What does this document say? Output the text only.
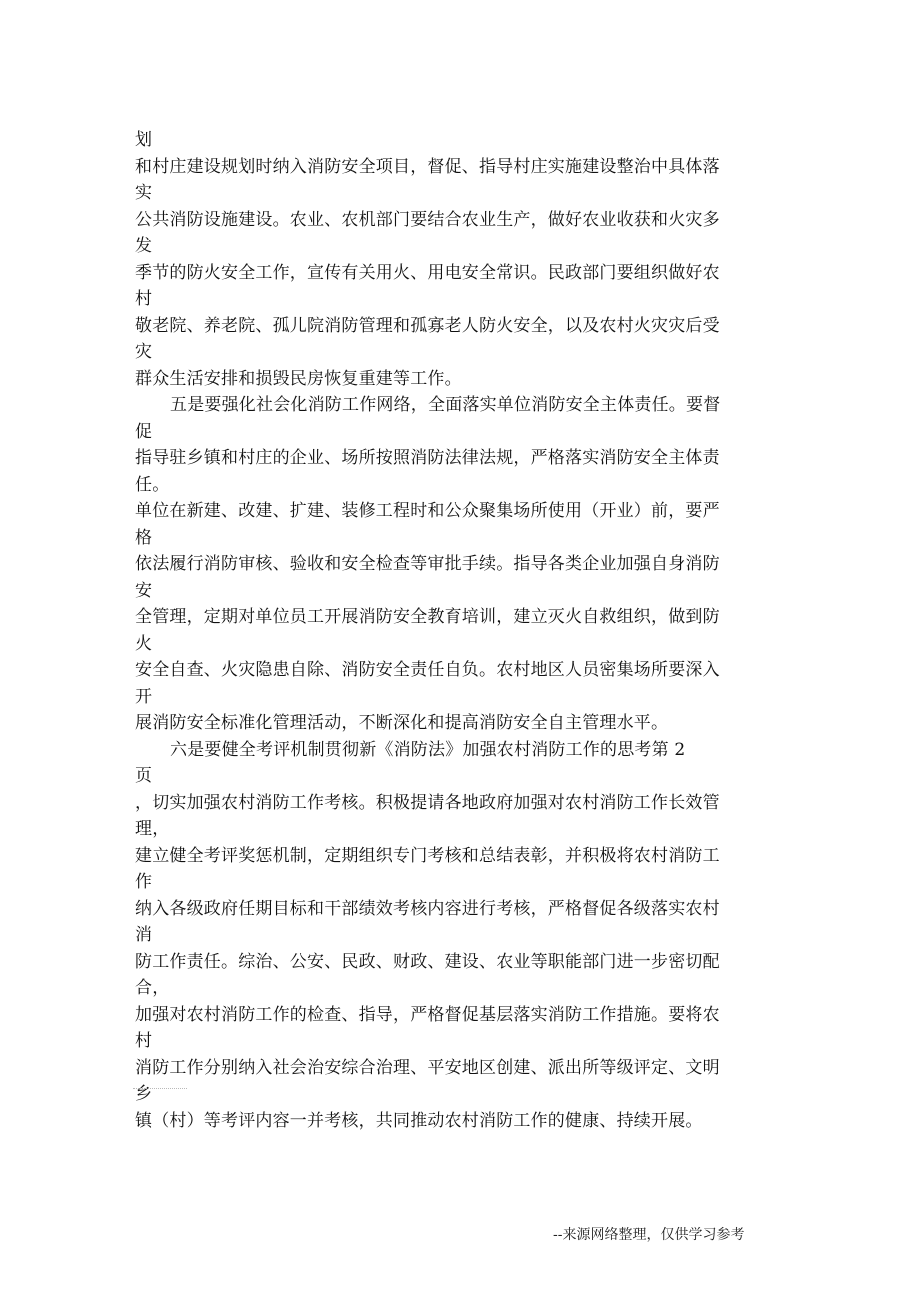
划
和村庄建设规划时纳入消防安全项目，督促、指导村庄实施建设整治中具体落
实
公共消防设施建设。农业、农机部门要结合农业生产，做好农业收获和火灾多
发
季节的防火安全工作，宣传有关用火、用电安全常识。民政部门要组织做好农
村
敬老院、养老院、孤儿院消防管理和孤寡老人防火安全，以及农村火灾灾后受
灾
群众生活安排和损毁民房恢复重建等工作。
五是要强化社会化消防工作网络，全面落实单位消防安全主体责任。要督
促
指导驻乡镇和村庄的企业、场所按照消防法律法规，严格落实消防安全主体责
任。
单位在新建、改建、扩建、装修工程时和公众聚集场所使用（开业）前，要严
格
依法履行消防审核、验收和安全检查等审批手续。指导各类企业加强自身消防
安
全管理，定期对单位员工开展消防安全教育培训，建立灭火自救组织，做到防
火
安全自查、火灾隐患自除、消防安全责任自负。农村地区人员密集场所要深入
开
展消防安全标准化管理活动，不断深化和提高消防安全自主管理水平。
六是要健全考评机制贯彻新《消防法》加强农村消防工作的思考第 2
页
，切实加强农村消防工作考核。积极提请各地政府加强对农村消防工作长效管
理，
建立健全考评奖惩机制，定期组织专门考核和总结表彰，并积极将农村消防工
作
纳入各级政府任期目标和干部绩效考核内容进行考核，严格督促各级落实农村
消
防工作责任。综治、公安、民政、财政、建设、农业等职能部门进一步密切配
合，
加强对农村消防工作的检查、指导，严格督促基层落实消防工作措施。要将农
村
消防工作分别纳入社会治安综合治理、平安地区创建、派出所等级评定、文明
乡
镇（村）等考评内容一并考核，共同推动农村消防工作的健康、持续开展。
--来源网络整理，仅供学习参考
